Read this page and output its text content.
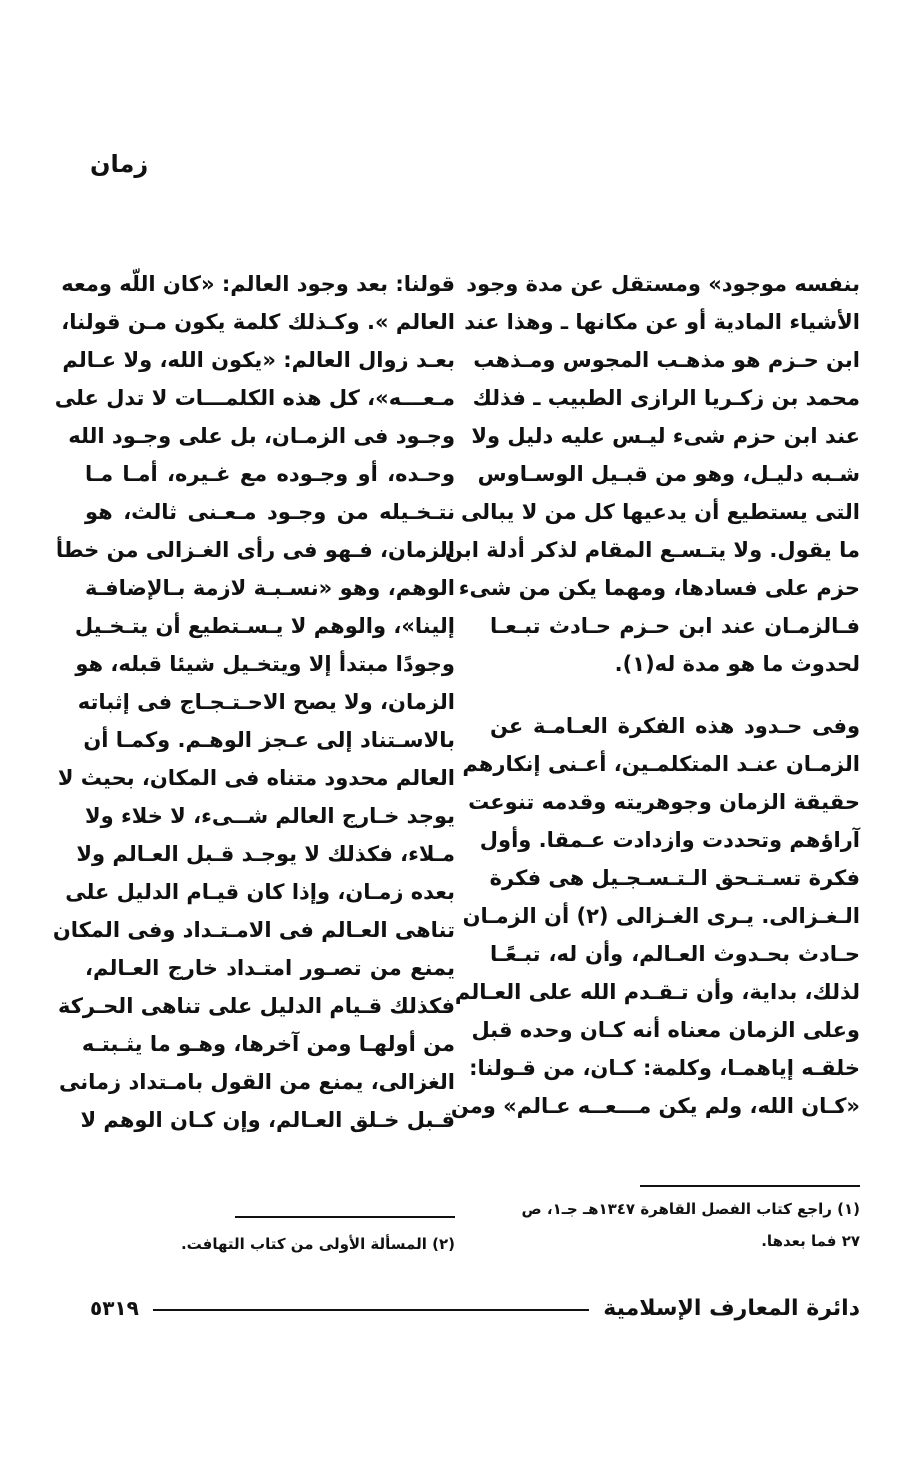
زمان
بنفسه موجود» ومستقل عن مدة وجود
الأشياء المادية أو عن مكانها ـ وهذا عند
ابن حـزم هو مذهـب المجوس ومـذهب
محمد بن زكـريا الرازى الطبيب ـ فذلك
عند ابن حزم شىء ليـس عليه دليل ولا
شـبه دليـل، وهو من قبـيل الوسـاوس
التى يستطيع أن يدعيها كل من لا يبالى
ما يقول. ولا يتـسـع المقام لذكر أدلة ابن
حزم على فسادها، ومهما يكن من شىء
فـالزمـان عند ابن حـزم حـادث تبـعـا
لحدوث ما هو مدة له(١).
وفى حـدود هذه الفكرة العـامـة عن
الزمـان عنـد المتكلمـين، أعـنى إنكارهم
حقيقة الزمان وجوهريته وقدمه تنوعت
آراؤهم وتحددت وازدادت عـمقا. وأول
فكرة تسـتـحق الـتـسـجـيل هى فكرة
الـغـزالى. يـرى الغـزالى (٢) أن الزمـان
حـادث بحـدوث العـالم، وأن له، تبـعًـا
لذلك، بداية، وأن تـقـدم الله على العـالم
وعلى الزمان معناه أنه كـان وحده قبل
خلقـه إياهمـا، وكلمة: كـان، من قـولنا:
«كـان الله، ولم يكن مـــعــه عـالم» ومن
(١) راجع كتاب الفصل القاهرة ١٣٤٧هـ جـ١، ص
٢٧ فما بعدها.
قولنا: بعد وجود العالم: «كان اللّه ومعه
العالم ». وكـذلك كلمة يكون مـن قولنا،
بعـد زوال العالم: «يكون الله، ولا عـالم
مـعـــه»، كل هذه الكلمـــات لا تدل على
وجـود فى الزمـان، بل على وجـود الله
وحـده، أو وجـوده مع غـيره، أمـا مـا
نتـخـيله من وجـود مـعـنى ثالث، هو
الزمان، فـهو فى رأى الغـزالى من خطأ
الوهم، وهو «نسـبـة لازمة بـالإضافـة
إلينا»، والوهم لا يـسـتطيع أن يتـخـيل
وجودًا مبتدأ إلا ويتخـيل شيئا قبله، هو
الزمان، ولا يصح الاحـتـجـاج فى إثباته
بالاسـتناد إلى عـجز الوهـم. وكمـا أن
العالم محدود متناه فى المكان، بحيث لا
يوجد خـارج العالم شــىء، لا خلاء ولا
مـلاء، فكذلك لا يوجـد قـبل العـالم ولا
بعده زمـان، وإذا كان قيـام الدليل على
تناهى العـالم فى الامـتـداد وفى المكان
يمنع من تصـور امتـداد خارج العـالم،
فكذلك قـيام الدليل على تناهى الحـركة
من أولهـا ومن آخرها، وهـو ما يثـبتـه
الغزالى، يمنع من القول بامـتداد زمانى
قـبل خـلق العـالم، وإن كـان الوهم لا
(٢) المسألة الأولى من كتاب التهافت.
دائرة المعارف الإسلامية
٥٣١٩
